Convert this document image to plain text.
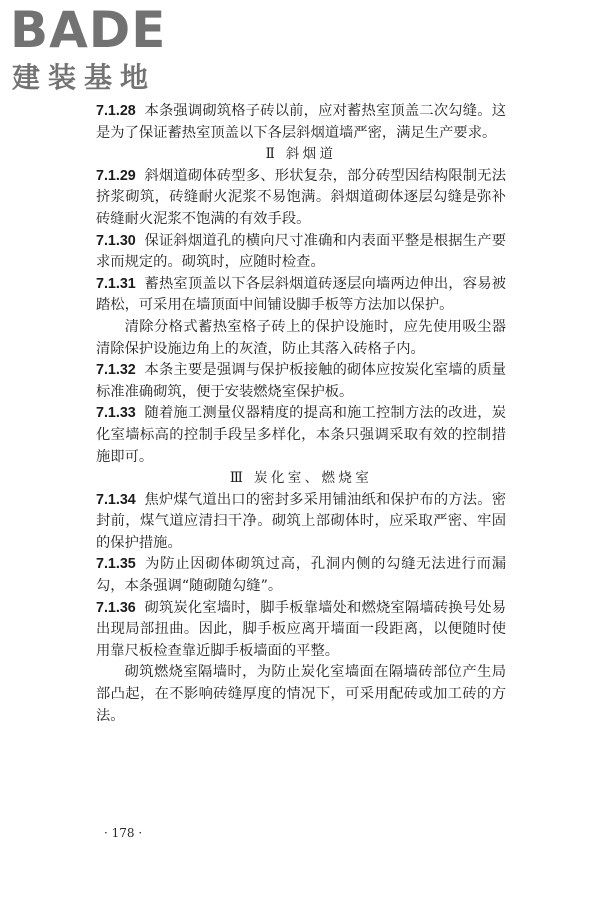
BADE
建装基地

7.1.28 本条强调砌筑格子砖以前，应对蓄热室顶盖二次勾缝。这是为了保证蓄热室顶盖以下各层斜烟道墙严密，满足生产要求。

Ⅱ 斜烟道

7.1.29 斜烟道砌体砖型多、形状复杂，部分砖型因结构限制无法挤浆砌筑，砖缝耐火泥浆不易饱满。斜烟道砌体逐层勾缝是弥补砖缝耐火泥浆不饱满的有效手段。

7.1.30 保证斜烟道孔的横向尺寸准确和内表面平整是根据生产要求而规定的。砌筑时，应随时检查。

7.1.31 蓄热室顶盖以下各层斜烟道砖逐层向墙两边伸出，容易被踏松，可采用在墙顶面中间铺设脚手板等方法加以保护。

清除分格式蓄热室格子砖上的保护设施时，应先使用吸尘器清除保护设施边角上的灰渣，防止其落入砖格子内。

7.1.32 本条主要是强调与保护板接触的砌体应按炭化室墙的质量标准准确砌筑，便于安装燃烧室保护板。

7.1.33 随着施工测量仪器精度的提高和施工控制方法的改进，炭化室墙标高的控制手段呈多样化，本条只强调采取有效的控制措施即可。

Ⅲ 炭化室、燃烧室

7.1.34 焦炉煤气道出口的密封多采用铺油纸和保护布的方法。密封前，煤气道应清扫干净。砌筑上部砌体时，应采取严密、牢固的保护措施。

7.1.35 为防止因砌体砌筑过高，孔洞内侧的勾缝无法进行而漏勾，本条强调“随砌随勾缝”。

7.1.36 砌筑炭化室墙时，脚手板靠墙处和燃烧室隔墙砖换号处易出现局部扭曲。因此，脚手板应离开墙面一段距离，以便随时使用靠尺板检查靠近脚手板墙面的平整。

砌筑燃烧室隔墙时，为防止炭化室墙面在隔墙砖部位产生局部凸起，在不影响砖缝厚度的情况下，可采用配砖或加工砖的方法。

· 178 ·
